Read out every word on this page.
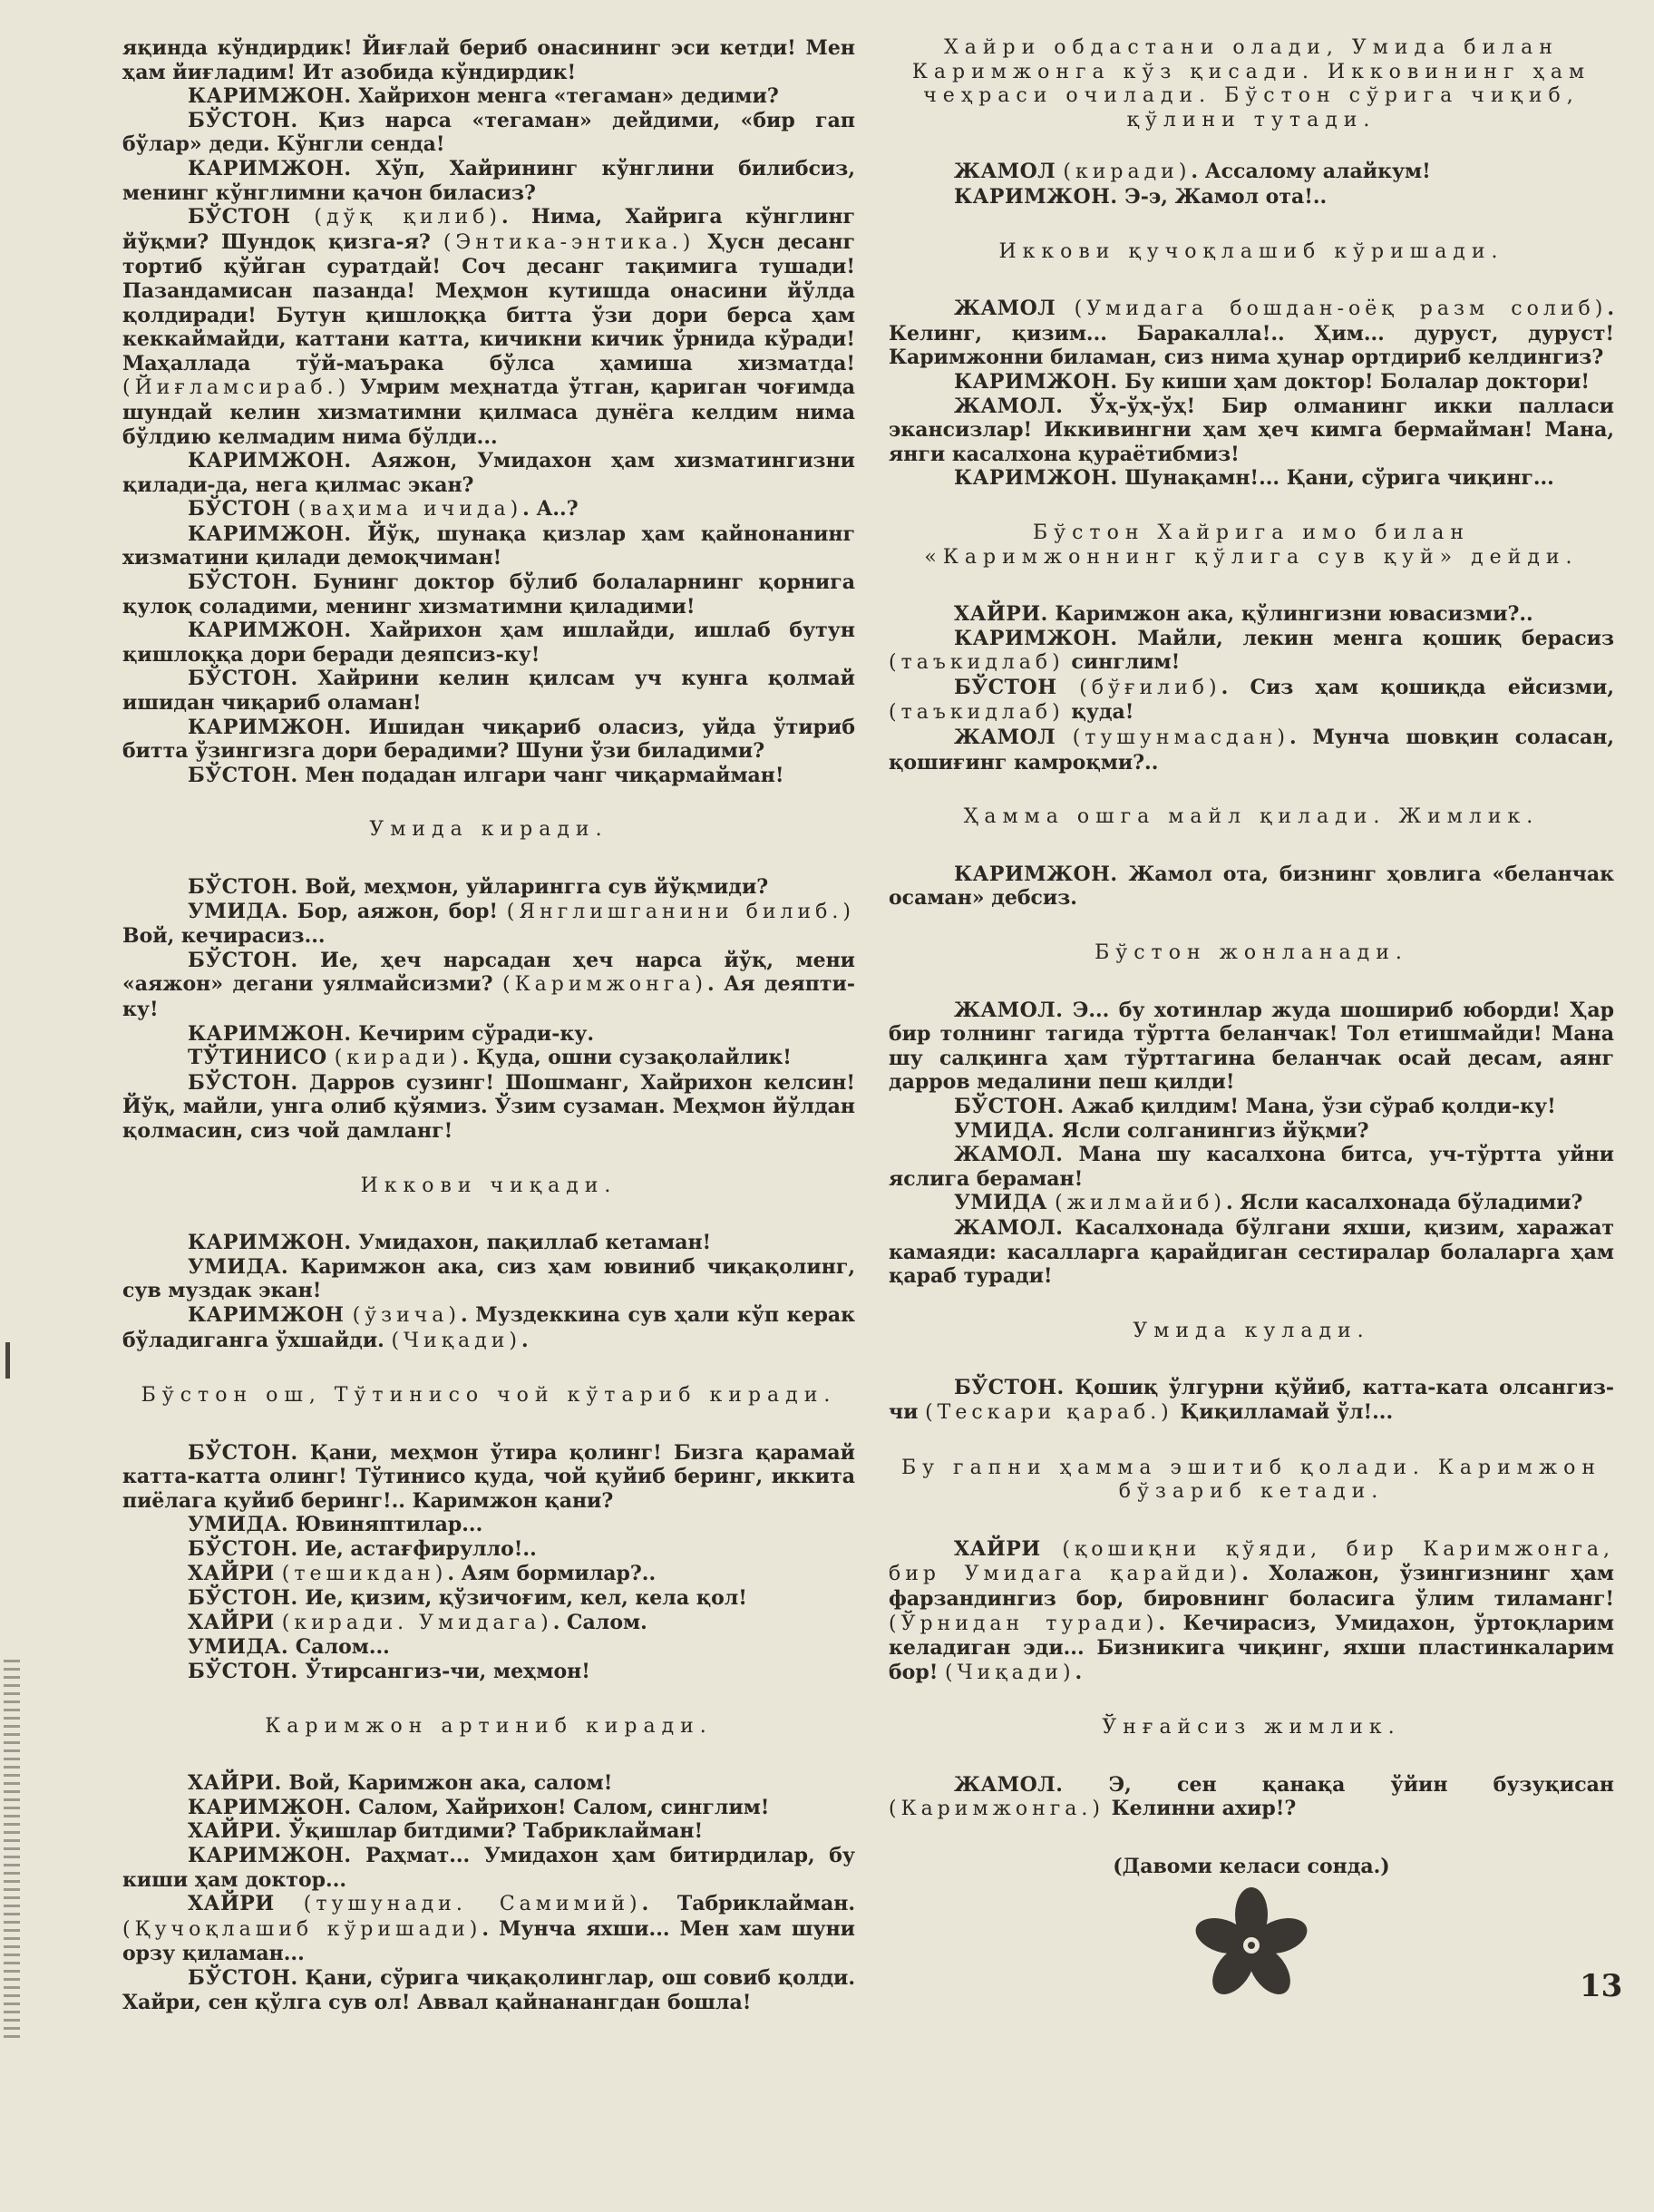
яқинда кўндирдик! Йиғлай бериб онасининг эси кетди! Мен ҳам йиғладим! Ит азобида кўндирдик!
КАРИМЖОН. Хайрихон менга «тегаман» дедими?
БЎСТОН. Қиз нарса «тегаман» дейдими, «бир гап бўлар» деди. Кўнгли сенда!
КАРИМЖОН. Хўп, Хайрининг кўнглини билибсиз, менинг кўнглимни қачон биласиз?
БЎСТОН (дўқ қилиб). Нима, Хайрига кўнглинг йўқми? Шундоқ қизга-я? (Энтика-энтика.) Ҳусн десанг тортиб қўйган суратдай! Соч десанг тақимига тушади! Пазандамисан пазанда! Меҳмон кутишда онасини йўлда қолдиради! Бутун қишлоққа битта ўзи дори берса ҳам кеккаймайди, каттани катта, кичикни кичик ўрнида кўради! Маҳаллада тўй-маърака бўлса ҳамиша хизматда! (Йиғламсираб.) Умрим меҳнатда ўтган, қариган чоғимда шундай келин хизматимни қилмаса дунёга келдим нима бўлдию келмадим нима бўлди...
КАРИМЖОН. Аяжон, Умидахон ҳам хизматингизни қилади-да, нега қилмас экан?
БЎСТОН (ваҳима ичида). А..?
КАРИМЖОН. Йўқ, шунақа қизлар ҳам қайнонанинг хизматини қилади демоқчиман!
БЎСТОН. Бунинг доктор бўлиб болаларнинг қорнига қулоқ соладими, менинг хизматимни қиладими!
КАРИМЖОН. Хайрихон ҳам ишлайди, ишлаб бутун қишлоққа дори беради деяпсиз-ку!
БЎСТОН. Хайрини келин қилсам уч кунга қолмай ишидан чиқариб оламан!
КАРИМЖОН. Ишидан чиқариб оласиз, уйда ўтириб битта ўзингизга дори берадими? Шуни ўзи биладими?
БЎСТОН. Мен подадан илгари чанг чиқармайман!
Умида киради.
БЎСТОН. Вой, меҳмон, уйларингга сув йўқмиди?
УМИДА. Бор, аяжон, бор! (Янглишганини билиб.) Вой, кечирасиз...
БЎСТОН. Ие, ҳеч нарсадан ҳеч нарса йўқ, мени «аяжон» дегани уялмайсизми? (Каримжонга). Ая деяпти-ку!
КАРИМЖОН. Кечирим сўради-ку.
ТЎТИНИСО (киради). Қуда, ошни сузақолайлик!
БЎСТОН. Дарров сузинг! Шошманг, Хайрихон келсин! Йўқ, майли, унга олиб қўямиз. Ўзим сузаман. Меҳмон йўлдан қолмасин, сиз чой дамланг!
Иккови чиқади.
КАРИМЖОН. Умидахон, пақиллаб кетаман!
УМИДА. Каримжон ака, сиз ҳам ювиниб чиқақолинг, сув муздак экан!
КАРИМЖОН (ўзича). Муздеккина сув ҳали кўп керак бўладиганга ўхшайди. (Чиқади).
Бўстон ош, Тўтинисо чой кўтариб киради.
БЎСТОН. Қани, меҳмон ўтира қолинг! Бизга қарамай катта-катта олинг! Тўтинисо қуда, чой қуйиб беринг, иккита пиёлага қуйиб беринг!.. Каримжон қани?
УМИДА. Ювиняптилар...
БЎСТОН. Ие, астағфирулло!..
ХАЙРИ (тешикдан). Аям бормилар?..
БЎСТОН. Ие, қизим, қўзичоғим, кел, кела қол!
ХАЙРИ (киради. Умидага). Салом.
УМИДА. Салом...
БЎСТОН. Ўтирсангиз-чи, меҳмон!
Каримжон артиниб киради.
ХАЙРИ. Вой, Каримжон ака, салом!
КАРИМЖОН. Салом, Хайрихон! Салом, синглим!
ХАЙРИ. Ўқишлар битдими? Табриклайман!
КАРИМЖОН. Раҳмат... Умидахон ҳам битирдилар, бу киши ҳам доктор...
ХАЙРИ (тушунади. Самимий). Табриклайман. (Қучоқлашиб кўришади). Мунча яхши... Мен хам шуни орзу қиламан...
БЎСТОН. Қани, сўрига чиқақолинглар, ош совиб қолди. Хайри, сен қўлга сув ол! Аввал қайнанангдан бошла!
Хайри обдастани олади, Умида билан Каримжонга кўз қисади. Икковининг ҳам чеҳраси очилади. Бўстон сўрига чиқиб, қўлини тутади.
ЖАМОЛ (киради). Ассалому алайкум!
КАРИМЖОН. Э-э, Жамол ота!..
Иккови қучоқлашиб кўришади.
ЖАМОЛ (Умидага бошдан-оёқ разм солиб). Келинг, қизим... Баракалла!.. Ҳим... дуруст, дуруст! Каримжонни биламан, сиз нима ҳунар ортдириб келдингиз?
КАРИМЖОН. Бу киши ҳам доктор! Болалар доктори!
ЖАМОЛ. Ўҳ-ўҳ-ўҳ! Бир олманинг икки палласи экансизлар! Иккивингни ҳам ҳеч кимга бермайман! Мана, янги касалхона қураётибмиз!
КАРИМЖОН. Шунақамн!... Қани, сўрига чиқинг...
Бўстон Хайрига имо билан «Каримжоннинг қўлига сув қуй» дейди.
ХАЙРИ. Каримжон ака, қўлингизни ювасизми?..
КАРИМЖОН. Майли, лекин менга қошиқ берасиз (таъкидлаб) синглим!
БЎСТОН (бўғилиб). Сиз ҳам қошиқда ейсизми, (таъкидлаб) қуда!
ЖАМОЛ (тушунмасдан). Мунча шовқин соласан, қошиғинг камроқми?..
Ҳамма ошга майл қилади. Жимлик.
КАРИМЖОН. Жамол ота, бизнинг ҳовлига «беланчак осаман» дебсиз.
Бўстон жонланади.
ЖАМОЛ. Э... бу хотинлар жуда шошириб юборди! Ҳар бир толнинг тагида тўртта беланчак! Тол етишмайди! Мана шу салқинга ҳам тўрттагина беланчак осай десам, аянг дарров медалини пеш қилди!
БЎСТОН. Ажаб қилдим! Мана, ўзи сўраб қолди-ку!
УМИДА. Ясли солганингиз йўқми?
ЖАМОЛ. Мана шу касалхона битса, уч-тўртта уйни яслига бераман!
УМИДА (жилмайиб). Ясли касалхонада бўладими?
ЖАМОЛ. Касалхонада бўлгани яхши, қизим, харажат камаяди: касалларга қарайдиган сестиралар болаларга ҳам қараб туради!
Умида кулади.
БЎСТОН. Қошиқ ўлгурни қўйиб, катта-ката олсангиз-чи (Тескари қараб.) Қиқилламай ўл!...
Бу гапни ҳамма эшитиб қолади. Каримжон бўзариб кетади.
ХАЙРИ (қошиқни қўяди, бир Каримжонга, бир Умидага қарайди). Холажон, ўзингизнинг ҳам фарзандингиз бор, бировнинг боласига ўлим тиламанг! (Ўрнидан туради). Кечирасиз, Умидахон, ўртоқларим келадиган эди... Бизникига чиқинг, яхши пластинкаларим бор! (Чиқади).
Ўнғайсиз жимлик.
ЖАМОЛ. Э, сен қанақа ўйин бузуқисан (Каримжонга.) Келинни ахир!?
(Давоми келаси сонда.)
13
